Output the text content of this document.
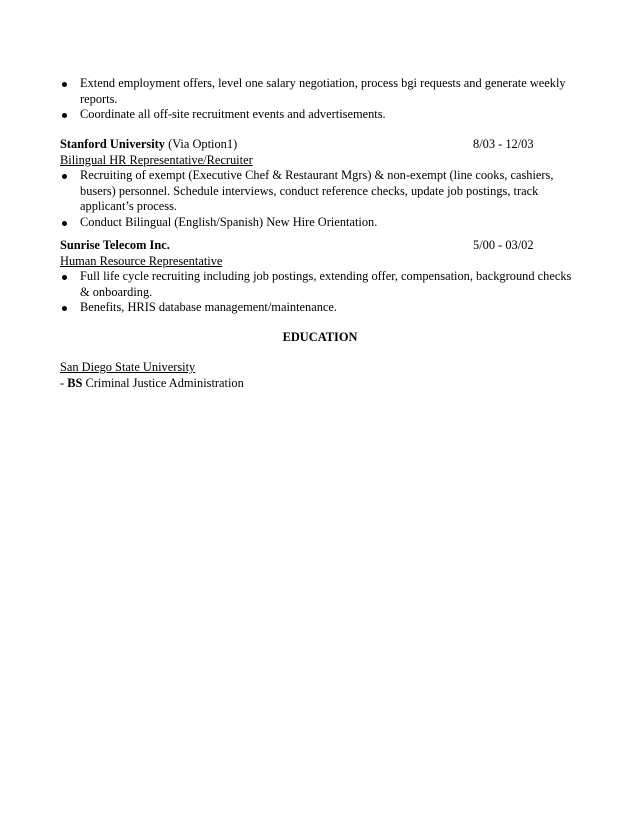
Extend employment offers, level one salary negotiation, process bgi requests and generate weekly reports.
Coordinate all off-site recruitment events and advertisements.
Stanford University (Via Option1)	8/03 - 12/03
Bilingual HR Representative/Recruiter
Recruiting of exempt (Executive Chef & Restaurant Mgrs) & non-exempt (line cooks, cashiers, busers) personnel. Schedule interviews, conduct reference checks, update job postings, track applicant’s process.
Conduct Bilingual (English/Spanish) New Hire Orientation.
Sunrise Telecom Inc.	5/00 - 03/02
Human Resource Representative
Full life cycle recruiting including job postings, extending offer, compensation, background checks & onboarding.
Benefits, HRIS database management/maintenance.
EDUCATION
San Diego State University
- BS Criminal Justice Administration
